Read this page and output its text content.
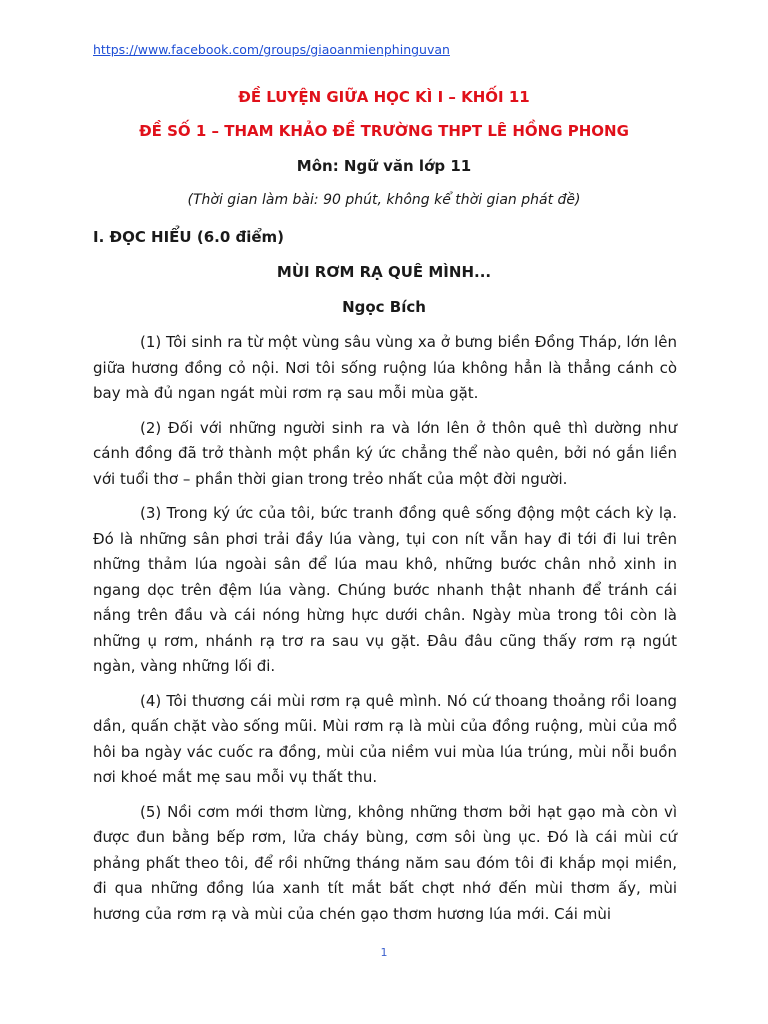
https://www.facebook.com/groups/giaoanmienphinguvan
ĐỀ LUYỆN GIỮA HỌC KÌ I – KHỐI 11
ĐỀ SỐ 1 – THAM KHẢO ĐỀ TRƯỜNG THPT LÊ HỒNG PHONG
Môn: Ngữ văn lớp 11
(Thời gian làm bài: 90 phút, không kể thời gian phát đề)
I. ĐỌC HIỂU (6.0 điểm)
MÙI RƠM RẠ QUÊ MÌNH...
Ngọc Bích

(1) Tôi sinh ra từ một vùng sâu vùng xa ở bưng biền Đồng Tháp, lớn lên giữa hương đồng cỏ nội. Nơi tôi sống ruộng lúa không hẳn là thẳng cánh cò bay mà đủ ngan ngát mùi rơm rạ sau mỗi mùa gặt.

(2) Đối với những người sinh ra và lớn lên ở thôn quê thì dường như cánh đồng đã trở thành một phần ký ức chẳng thể nào quên, bởi nó gắn liền với tuổi thơ – phần thời gian trong trẻo nhất của một đời người.

(3) Trong ký ức của tôi, bức tranh đồng quê sống động một cách kỳ lạ. Đó là những sân phơi trải đầy lúa vàng, tụi con nít vẫn hay đi tới đi lui trên những thảm lúa ngoài sân để lúa mau khô, những bước chân nhỏ xinh in ngang dọc trên đệm lúa vàng. Chúng bước nhanh thật nhanh để tránh cái nắng trên đầu và cái nóng hừng hực dưới chân. Ngày mùa trong tôi còn là những ụ rơm, nhánh rạ trơ ra sau vụ gặt. Đâu đâu cũng thấy rơm rạ ngút ngàn, vàng những lối đi.

(4) Tôi thương cái mùi rơm rạ quê mình. Nó cứ thoang thoảng rồi loang dần, quấn chặt vào sống mũi. Mùi rơm rạ là mùi của đồng ruộng, mùi của mồ hôi ba ngày vác cuốc ra đồng, mùi của niềm vui mùa lúa trúng, mùi nỗi buồn nơi khoé mắt mẹ sau mỗi vụ thất thu.

(5) Nồi cơm mới thơm lừng, không những thơm bởi hạt gạo mà còn vì được đun bằng bếp rơm, lửa cháy bùng, cơm sôi ùng ục. Đó là cái mùi cứ phảng phất theo tôi, để rồi những tháng năm sau đóm tôi đi khắp mọi miền, đi qua những đồng lúa xanh tít mắt bất chợt nhớ đến mùi thơm ấy, mùi hương của rơm rạ và mùi của chén gạo thơm hương lúa mới. Cái mùi

1
